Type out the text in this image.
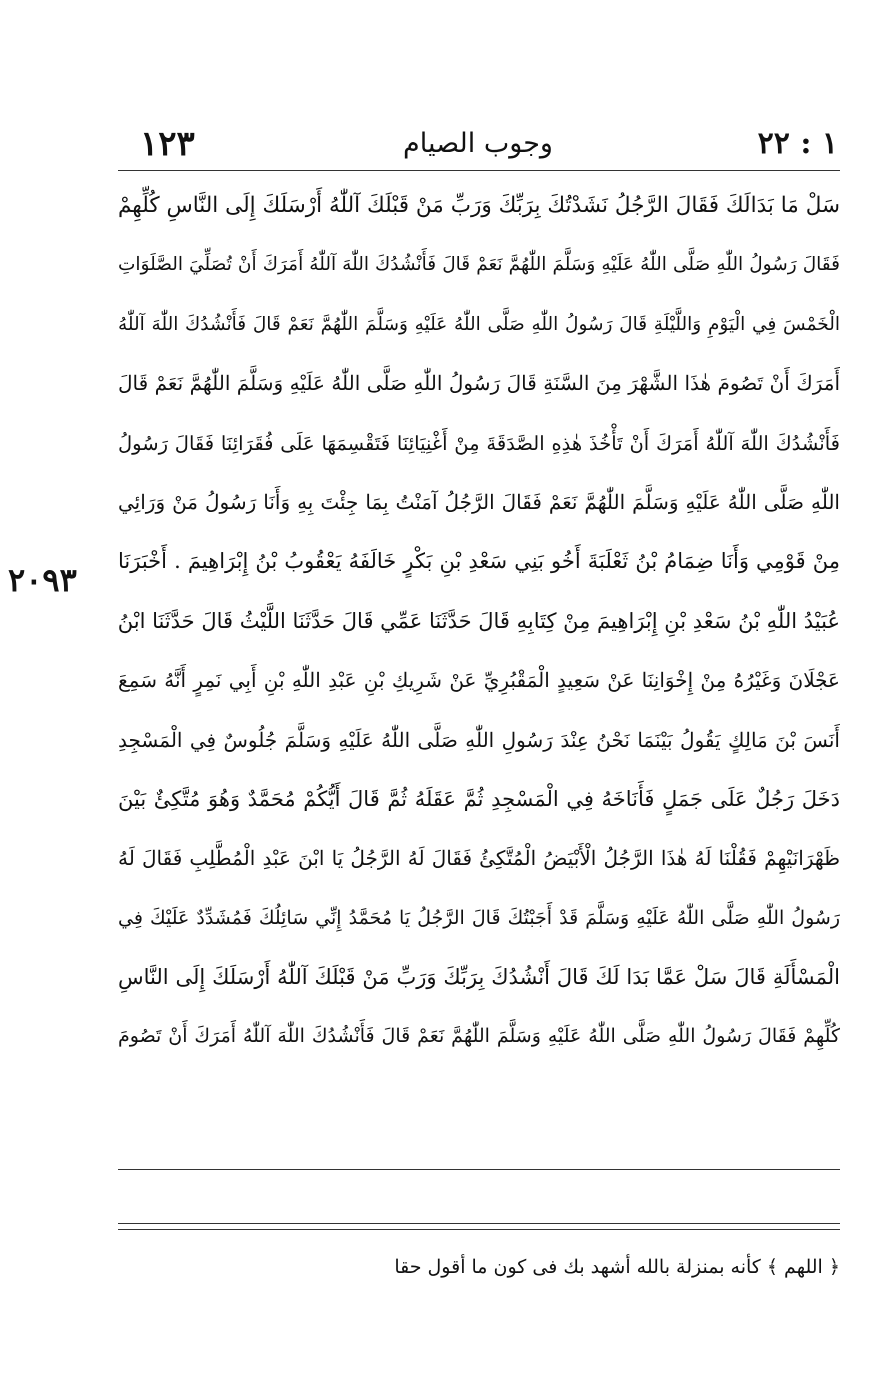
١٢٣	وجوب الصيام	١ : ٢٢
٢٠٩٣
سَلْ مَا بَدَالَكَ فَقَالَ الرَّجُلُ نَشَدْتُكَ بِرَبِّكَ وَرَبِّ مَنْ قَبْلَكَ آللّٰهُ أَرْسَلَكَ إِلَى النَّاسِ كُلِّهِمْ
فَقَالَ رَسُولُ اللّٰهِ صَلَّى اللّٰهُ عَلَيْهِ وَسَلَّمَ اللّٰهُمَّ نَعَمْ قَالَ فَأَنْشُدُكَ اللّٰهَ آللّٰهُ أَمَرَكَ أَنْ تُصَلِّيَ الصَّلَوَاتِ
الْخَمْسَ فِي الْيَوْمِ وَاللَّيْلَةِ قَالَ رَسُولُ اللّٰهِ صَلَّى اللّٰهُ عَلَيْهِ وَسَلَّمَ اللّٰهُمَّ نَعَمْ قَالَ فَأَنْشُدُكَ اللّٰهَ آللّٰهُ
أَمَرَكَ أَنْ تَصُومَ هٰذَا الشَّهْرَ مِنَ السَّنَةِ قَالَ رَسُولُ اللّٰهِ صَلَّى اللّٰهُ عَلَيْهِ وَسَلَّمَ اللّٰهُمَّ نَعَمْ قَالَ
فَأَنْشُدُكَ اللّٰهَ آللّٰهُ أَمَرَكَ أَنْ تَأْخُذَ هٰذِهِ الصَّدَقَةَ مِنْ أَغْنِيَائِنَا فَتَقْسِمَهَا عَلَى فُقَرَائِنَا فَقَالَ رَسُولُ
اللّٰهِ صَلَّى اللّٰهُ عَلَيْهِ وَسَلَّمَ اللّٰهُمَّ نَعَمْ فَقَالَ الرَّجُلُ آمَنْتُ بِمَا جِئْتَ بِهِ وَأَنَا رَسُولُ مَنْ وَرَائِي
مِنْ قَوْمِي وَأَنَا ضِمَامُ بْنُ ثَعْلَبَةَ أَخُو بَنِي سَعْدِ بْنِ بَكْرٍ خَالَفَهُ يَعْقُوبُ بْنُ إِبْرَاهِيمَ . أَخْبَرَنَا
عُبَيْدُ اللّٰهِ بْنُ سَعْدِ بْنِ إِبْرَاهِيمَ مِنْ كِتَابِهِ قَالَ حَدَّثَنَا عَمِّي قَالَ حَدَّثَنَا اللَّيْثُ قَالَ حَدَّثَنَا ابْنُ
عَجْلَانَ وَغَيْرُهُ مِنْ إِخْوَانِنَا عَنْ سَعِيدٍ الْمَقْبُرِيِّ عَنْ شَرِيكِ بْنِ عَبْدِ اللّٰهِ بْنِ أَبِي نَمِرٍ أَنَّهُ سَمِعَ
أَنَسَ بْنَ مَالِكٍ يَقُولُ بَيْنَمَا نَحْنُ عِنْدَ رَسُولِ اللّٰهِ صَلَّى اللّٰهُ عَلَيْهِ وَسَلَّمَ جُلُوسٌ فِي الْمَسْجِدِ
دَخَلَ رَجُلٌ عَلَى جَمَلٍ فَأَنَاخَهُ فِي الْمَسْجِدِ ثُمَّ عَقَلَهُ ثُمَّ قَالَ أَيُّكُمْ مُحَمَّدٌ وَهُوَ مُتَّكِئٌ بَيْنَ
ظَهْرَانَيْهِمْ فَقُلْنَا لَهُ هٰذَا الرَّجُلُ الْأَبْيَضُ الْمُتَّكِئُ فَقَالَ لَهُ الرَّجُلُ يَا ابْنَ عَبْدِ الْمُطَّلِبِ فَقَالَ لَهُ
رَسُولُ اللّٰهِ صَلَّى اللّٰهُ عَلَيْهِ وَسَلَّمَ قَدْ أَجَبْتُكَ قَالَ الرَّجُلُ يَا مُحَمَّدُ إِنِّي سَائِلُكَ فَمُشَدِّدٌ عَلَيْكَ فِي
الْمَسْأَلَةِ قَالَ سَلْ عَمَّا بَدَا لَكَ قَالَ أَنْشُدُكَ بِرَبِّكَ وَرَبِّ مَنْ قَبْلَكَ آللّٰهُ أَرْسَلَكَ إِلَى النَّاسِ
كُلِّهِمْ فَقَالَ رَسُولُ اللّٰهِ صَلَّى اللّٰهُ عَلَيْهِ وَسَلَّمَ اللّٰهُمَّ نَعَمْ قَالَ فَأَنْشُدُكَ اللّٰهَ آللّٰهُ أَمَرَكَ أَنْ تَصُومَ
﴿ اللهم ﴾ كأنه بمنزلة بالله أشهد بك فى كون ما أقول حقا
